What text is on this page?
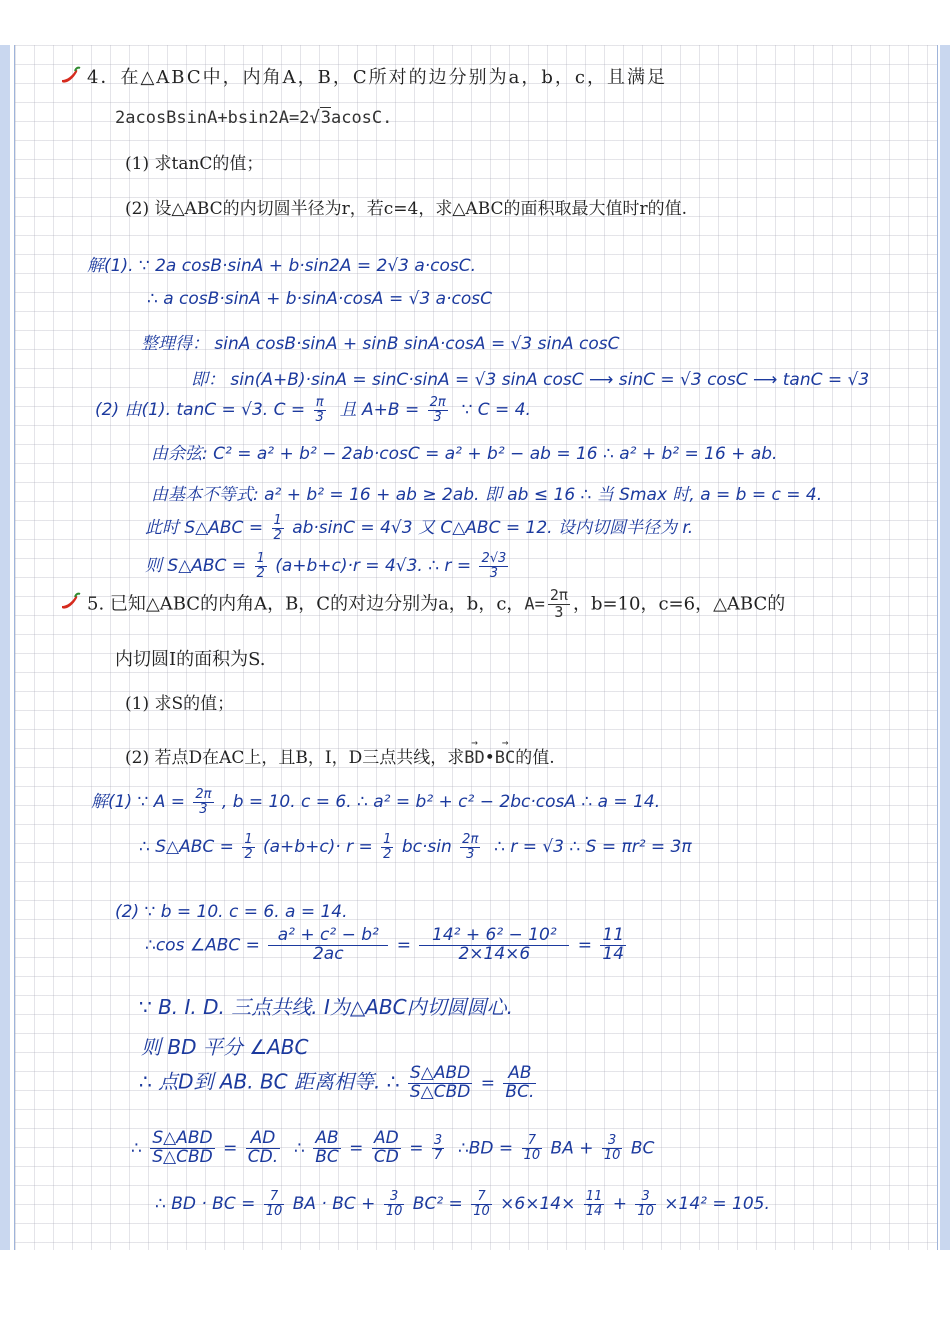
4．在△ABC中，内角A，B，C所对的边分别为a，b，c，且满足
2acosBsinA+bsin2A=2√3acosC.
(1) 求tanC的值；
(2) 设△ABC的内切圆半径为r，若c=4，求△ABC的面积取最大值时r的值.
解(1). ∵ 2a cosB·sinA + b·sin2A = 2√3 a·cosC.
∴ a cosB·sinA + b·sinA·cosA = √3 a·cosC
整理得： sinA cosB·sinA + sinB sinA·cosA = √3 sinA cosC
即： sin(A+B)·sinA = sinC·sinA = √3 sinA cosC ⟶ sinC = √3 cosC ⟶ tanC = √3
(2) 由(1). tanC = √3. $C = \frac{\pi}{3}$ 且 $A+B = \frac{2\pi}{3}$ ∵ C = 4.
由余弦: C² = a² + b² − 2ab·cosC = a² + b² − ab = 16 ∴ a² + b² = 16 + ab.
由基本不等式: a² + b² = 16 + ab ≥ 2ab. 即 ab ≤ 16 ∴ 当 Smax 时, a = b = c = 4.
此时 S△ABC = $\frac{1}{2} ab\cdot\sin C = 4√3$ 又 C△ABC = 12. 设内切圆半径为 r.
则 S△ABC = $\frac{1}{2} (a+b+c)\cdot r = 4√3$. ∴ $r = \frac{2√3}{3}$
5. 已知△ABC的内角A，B，C的对边分别为a，b，c，$A= \frac{2\pi}{3}$ ，b=10，c=6，△ABC的
内切圆I的面积为S.
(1) 求S的值；
(2) 若点D在AC上，且B，I，D三点共线，求→ BD•→ BC的值.
解(1) ∵ $A = \frac{2\pi}{3}$ , b = 10. c = 6. ∴ a² = b² + c² − 2bc·cosA ∴ a = 14.
∴ S△ABC = $\frac{1}{2} (a+b+c)\cdot r = \frac{1}{2} bc\cdot\sin \frac{2\pi}{3}$ ∴ r = √3 ∴ S = πr² = 3π
(2) ∵ b = 10. c = 6. a = 14.
∴cos ∠ABC = $\frac{\text{a² + c² − b²}}{2ac} = \frac{\text{14² + 6² − 10²}}{2\times 14\times 6} = \frac{11}{14}$
∵ B. I. D. 三点共线. I为△ABC内切圆圆心.
则 BD 平分 ∠ABC
∴ 点D到 AB. BC 距离相等. ∴ $\frac{\text{S△ABD}}{\text{S△CBD}} = \frac{AB}{BC.}$
∴ $\frac{\text{S△ABD}}{\text{S△CBD}} = \frac{AD}{CD.}$ ∴ $\frac{AB}{BC} = \frac{AD}{CD} = \frac{3}{7}$ ∴BD = $\frac{7}{10}$ BA + $\frac{3}{10}$ BC
∴ BD · BC = $\frac{7}{10}$ BA · BC + $\frac{3}{10} BC^2 = \frac{7}{10} \times 6\times 14\times \frac{11}{14} + \frac{3}{10} \times 14^2 = 105$.
